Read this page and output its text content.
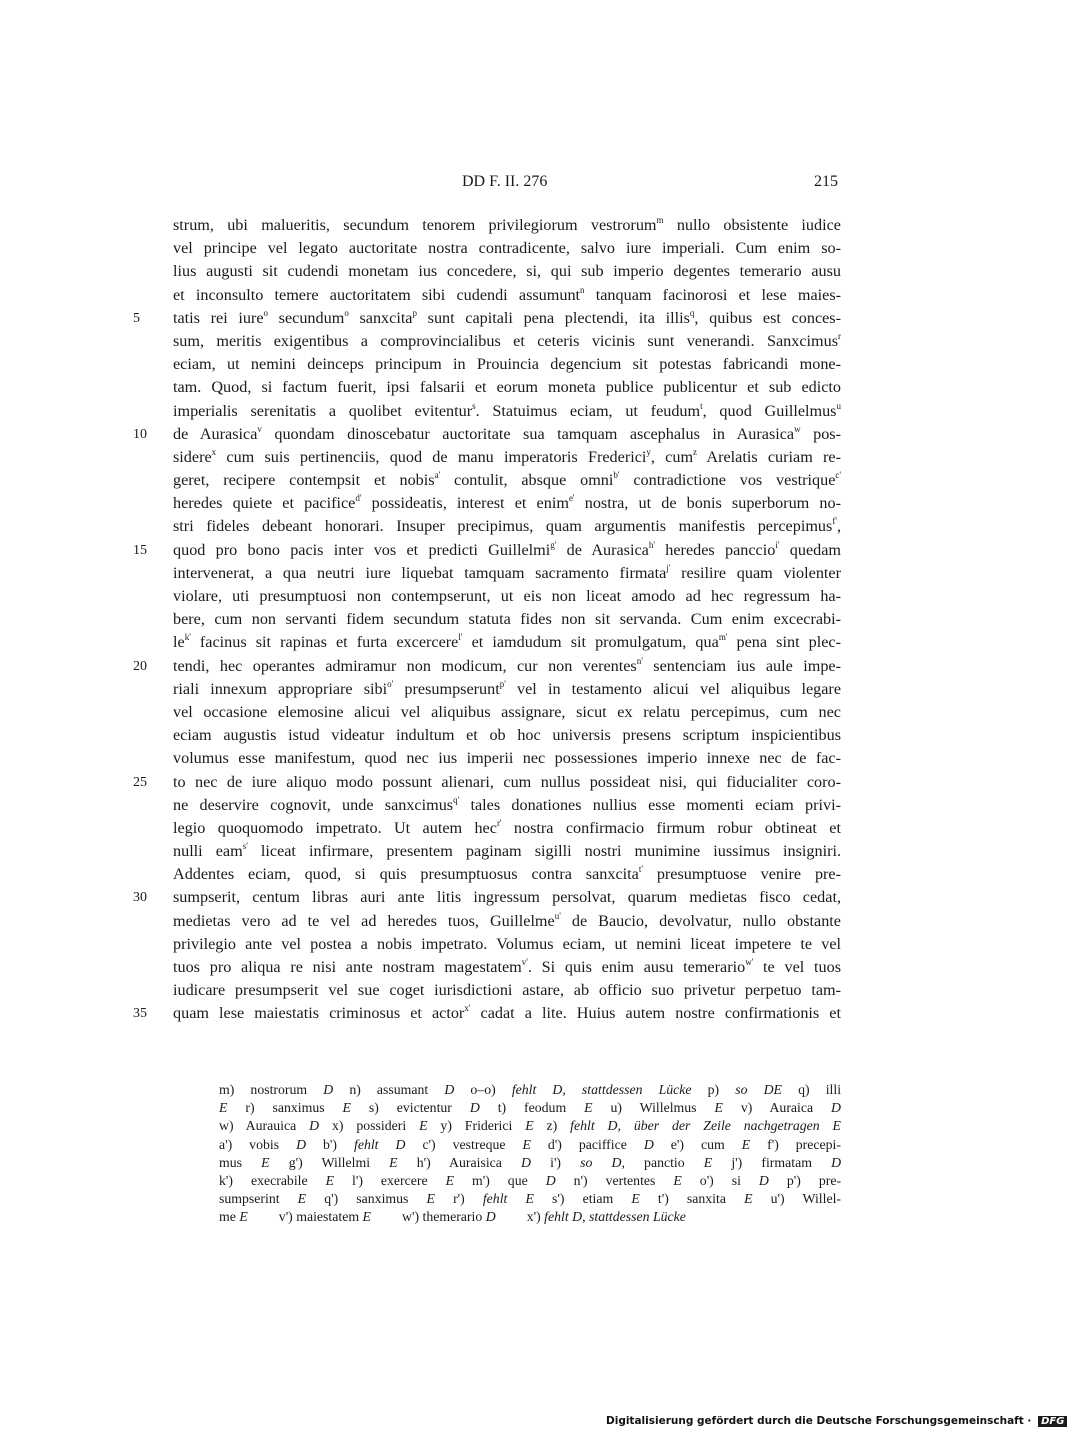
DD F. II. 276	215
strum, ubi malueritis, secundum tenorem privilegiorum vestrorum$^m$ nullo obsistente iudice
vel principe vel legato auctoritate nostra contradicente, salvo iure imperiali. Cum enim so-
lius augusti sit cudendi monetam ius concedere, si, qui sub imperio degentes temerario ausu
et inconsulto temere auctoritatem sibi cudendi assumunt$^n$ tanquam facinorosi et lese maies-
5 tatis rei iure$^o$ secundum$^o$ sanxcita$^p$ sunt capitali pena plectendi, ita illis$^q$, quibus est conces-
sum, meritis exigentibus a comprovincialibus et ceteris vicinis sunt venerandi. Sanxcimus$^r$
eciam, ut nemini deinceps principum in Prouincia degencium sit potestas fabricandi mone-
tam. Quod, si factum fuerit, ipsi falsarii et eorum moneta publice publicentur et sub edicto
imperialis serenitatis a quolibet evitentur$^s$. Statuimus eciam, ut feudum$^t$, quod Guillelmus$^u$
10 de Aurasica$^v$ quondam dinoscebatur auctoritate sua tamquam ascephalus in Aurasica$^w$ pos-
sidere$^x$ cum suis pertinenciis, quod de manu imperatoris Frederici$^y$, cum$^z$ Arelatis curiam re-
geret, recipere contempsit et nobis$^{a'}$ contulit, absque omni$^{b'}$ contradictione vos vestrique$^{c'}$
heredes quiete et pacifice$^{d'}$ possideatis, interest et enim$^{e'}$ nostra, ut de bonis superborum no-
stri fideles debeant honorari. Insuper precipimus, quam argumentis manifestis percepimus$^{f'}$,
15 quod pro bono pacis inter vos et predicti Guillelmi$^{g'}$ de Aurasica$^{h'}$ heredes panccio$^{i'}$ quedam
intervenerat, a qua neutri iure liquebat tamquam sacramento firmata$^{j'}$ resilire quam violenter
violare, uti presumptuosi non contempserunt, ut eis non liceat amodo ad hec regressum ha-
bere, cum non servanti fidem secundum statuta fides non sit servanda. Cum enim excecrabi-
$le^{k'}$ facinus sit rapinas et furta excercere$^{l'}$ et iamdudum sit promulgatum, qua$^{m'}$ pena sint plec-
20 tendi, hec operantes admiramur non modicum, cur non verentes$^{n'}$ sentenciam ius aule impe-
riali innexum appropriare sibi$^{o'}$ presumpserunt$^{p'}$ vel in testamento alicui vel aliquibus legare
vel occasione elemosine alicui vel aliquibus assignare, sicut ex relatu percepimus, cum nec
eciam augustis istud videatur indultum et ob hoc universis presens scriptum inspicientibus
volumus esse manifestum, quod nec ius imperii nec possessiones imperio innexe nec de fac-
25 to nec de iure aliquo modo possunt alienari, cum nullus possideat nisi, qui fiducialiter coro-
ne deservire cognovit, unde sanxcimus$^{q'}$ tales donationes nullius esse momenti eciam privi-
legio quoquomodo impetrato. Ut autem hec$^{r'}$ nostra confirmacio firmum robur obtineat et
nulli eam$^{s'}$ liceat infirmare, presentem paginam sigilli nostri munimine iussimus insigniri.
Addentes eciam, quod, si quis presumptuosus contra sanxcita$^{t'}$ presumptuose venire pre-
30 sumpserit, centum libras auri ante litis ingressum persolvat, quarum medietas fisco cedat,
medietas vero ad te vel ad heredes tuos, Guillelme$^{u'}$ de Baucio, devolvatur, nullo obstante
privilegio ante vel postea a nobis impetrato. Volumus eciam, ut nemini liceat impetere te vel
tuos pro aliqua re nisi ante nostram magestatem$^{v'}$. Si quis enim ausu temerario$^{w'}$ te vel tuos
iudicare presumpserit vel sue coget iurisdictioni astare, ab officio suo privetur perpetuo tam-
35 quam lese maiestatis criminosus et actor$^{x'}$ cadat a lite. Huius autem nostre confirmationis et
m) nostrorum D n) assumant D o–o) fehlt D, stattdessen Lücke p) so DE q) illi
E r) sanximus E s) evictentur D t) feodum E u) Willelmus E v) Auraica D
w) Aurauica D x) possideri E y) Friderici E z) fehlt D, über der Zeile nachgetragen E
a') vobis D b') fehlt D c') vestreque E d') paciffice D e') cum E f') precepi-
mus E g') Willelmi E h') Auraisica D i') so D, panctio E j') firmatam D
k') execrabile E l') exercere E m') que D n') vertentes E o') si D p') pre-
sumpserint E q') sanximus E r') fehlt E s') etiam E t') sanxita E u') Willel-
me E v') maiestatem E w') themerario D x') fehlt D, stattdessen Lücke
Digitalisierung gefördert durch die Deutsche Forschungsgemeinschaft · DFG
